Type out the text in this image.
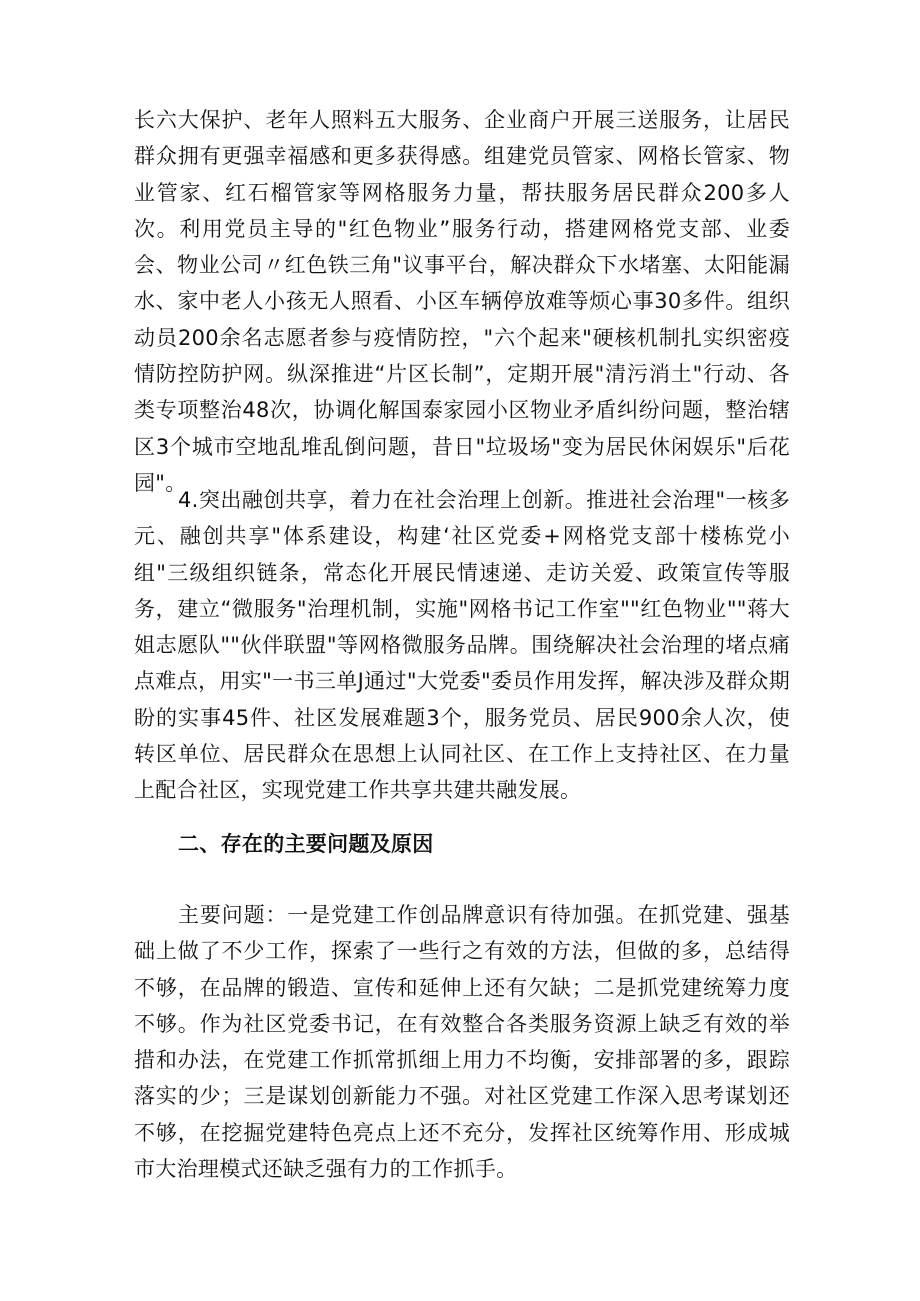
长六大保护、老年人照料五大服务、企业商户开展三送服务，让居民群众拥有更强幸福感和更多获得感。组建党员管家、网格长管家、物业管家、红石榴管家等网格服务力量，帮扶服务居民群众200多人次。利用党员主导的"红色物业”服务行动，搭建网格党支部、业委会、物业公司〃红色铁三角"议事平台，解决群众下水堵塞、太阳能漏水、家中老人小孩无人照看、小区车辆停放难等烦心事30多件。组织动员200余名志愿者参与疫情防控，"六个起来"硬核机制扎实织密疫情防控防护网。纵深推进“片区长制”，定期开展"清污消土"行动、各类专项整治48次，协调化解国泰家园小区物业矛盾纠纷问题，整治辖区3个城市空地乱堆乱倒问题，昔日"垃圾场"变为居民休闲娱乐"后花园"。

4.突出融创共享，着力在社会治理上创新。推进社会治理"一核多元、融创共享"体系建设，构建‘社区党委+网格党支部十楼栋党小组"三级组织链条，常态化开展民情速递、走访关爱、政策宣传等服务，建立“微服务"治理机制，实施"网格书记工作室""红色物业""蒋大姐志愿队""伙伴联盟"等网格微服务品牌。围绕解决社会治理的堵点痛点难点，用实"一书三单J通过"大党委"委员作用发挥，解决涉及群众期盼的实事45件、社区发展难题3个，服务党员、居民900余人次，使转区单位、居民群众在思想上认同社区、在工作上支持社区、在力量上配合社区，实现党建工作共享共建共融发展。

二、存在的主要问题及原因

主要问题：一是党建工作创品牌意识有待加强。在抓党建、强基础上做了不少工作，探索了一些行之有效的方法，但做的多，总结得不够，在品牌的锻造、宣传和延伸上还有欠缺；二是抓党建统筹力度不够。作为社区党委书记，在有效整合各类服务资源上缺乏有效的举措和办法，在党建工作抓常抓细上用力不均衡，安排部署的多，跟踪落实的少；三是谋划创新能力不强。对社区党建工作深入思考谋划还不够，在挖掘党建特色亮点上还不充分，发挥社区统筹作用、形成城市大治理模式还缺乏强有力的工作抓手。
